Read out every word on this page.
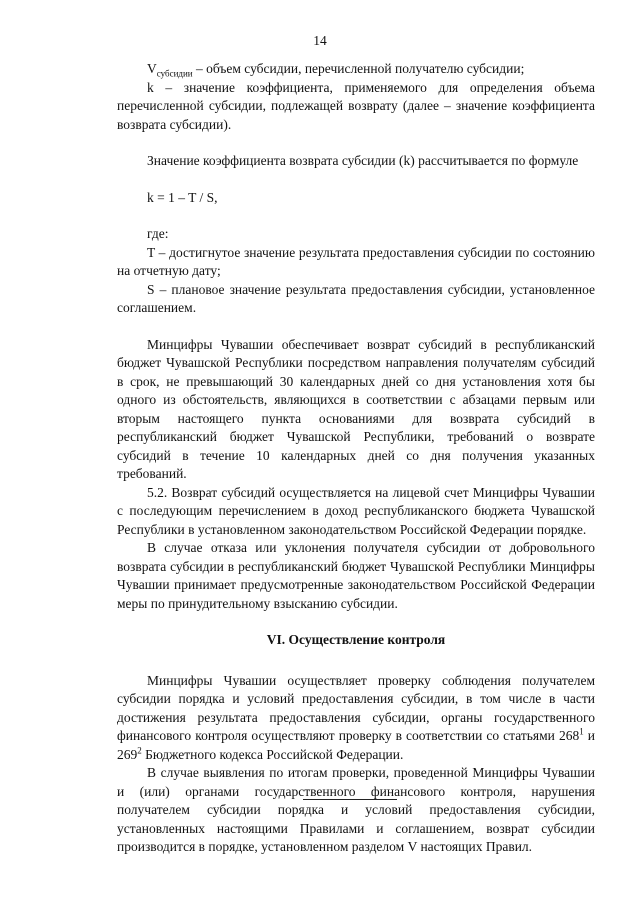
14

$V_{субсидии}$ – объем субсидии, перечисленной получателю субсидии;

k – значение коэффициента, применяемого для определения объема перечисленной субсидии, подлежащей возврату (далее – значение коэффициента возврата субсидии).

Значение коэффициента возврата субсидии (k) рассчитывается по формуле

k = 1 – T / S,

где:

T – достигнутое значение результата предоставления субсидии по состоянию на отчетную дату;

S – плановое значение результата предоставления субсидии, установленное соглашением.

Минцифры Чувашии обеспечивает возврат субсидий в республиканский бюджет Чувашской Республики посредством направления получателям субсидий в срок, не превышающий 30 календарных дней со дня установления хотя бы одного из обстоятельств, являющихся в соответствии с абзацами первым или вторым настоящего пункта основаниями для возврата субсидий в республиканский бюджет Чувашской Республики, требований о возврате субсидий в течение 10 календарных дней со дня получения указанных требований.

5.2. Возврат субсидий осуществляется на лицевой счет Минцифры Чувашии с последующим перечислением в доход республиканского бюджета Чувашской Республики в установленном законодательством Российской Федерации порядке.

В случае отказа или уклонения получателя субсидии от добровольного возврата субсидии в республиканский бюджет Чувашской Республики Минцифры Чувашии принимает предусмотренные законодательством Российской Федерации меры по принудительному взысканию субсидии.

VI. Осуществление контроля

Минцифры Чувашии осуществляет проверку соблюдения получателем субсидии порядка и условий предоставления субсидии, в том числе в части достижения результата предоставления субсидии, органы государственного финансового контроля осуществляют проверку в соответствии со статьями $268^1$ и $269^2$ Бюджетного кодекса Российской Федерации.

В случае выявления по итогам проверки, проведенной Минцифры Чувашии и (или) органами государственного финансового контроля, нарушения получателем субсидии порядка и условий предоставления субсидии, установленных настоящими Правилами и соглашением, возврат субсидии производится в порядке, установленном разделом V настоящих Правил.
